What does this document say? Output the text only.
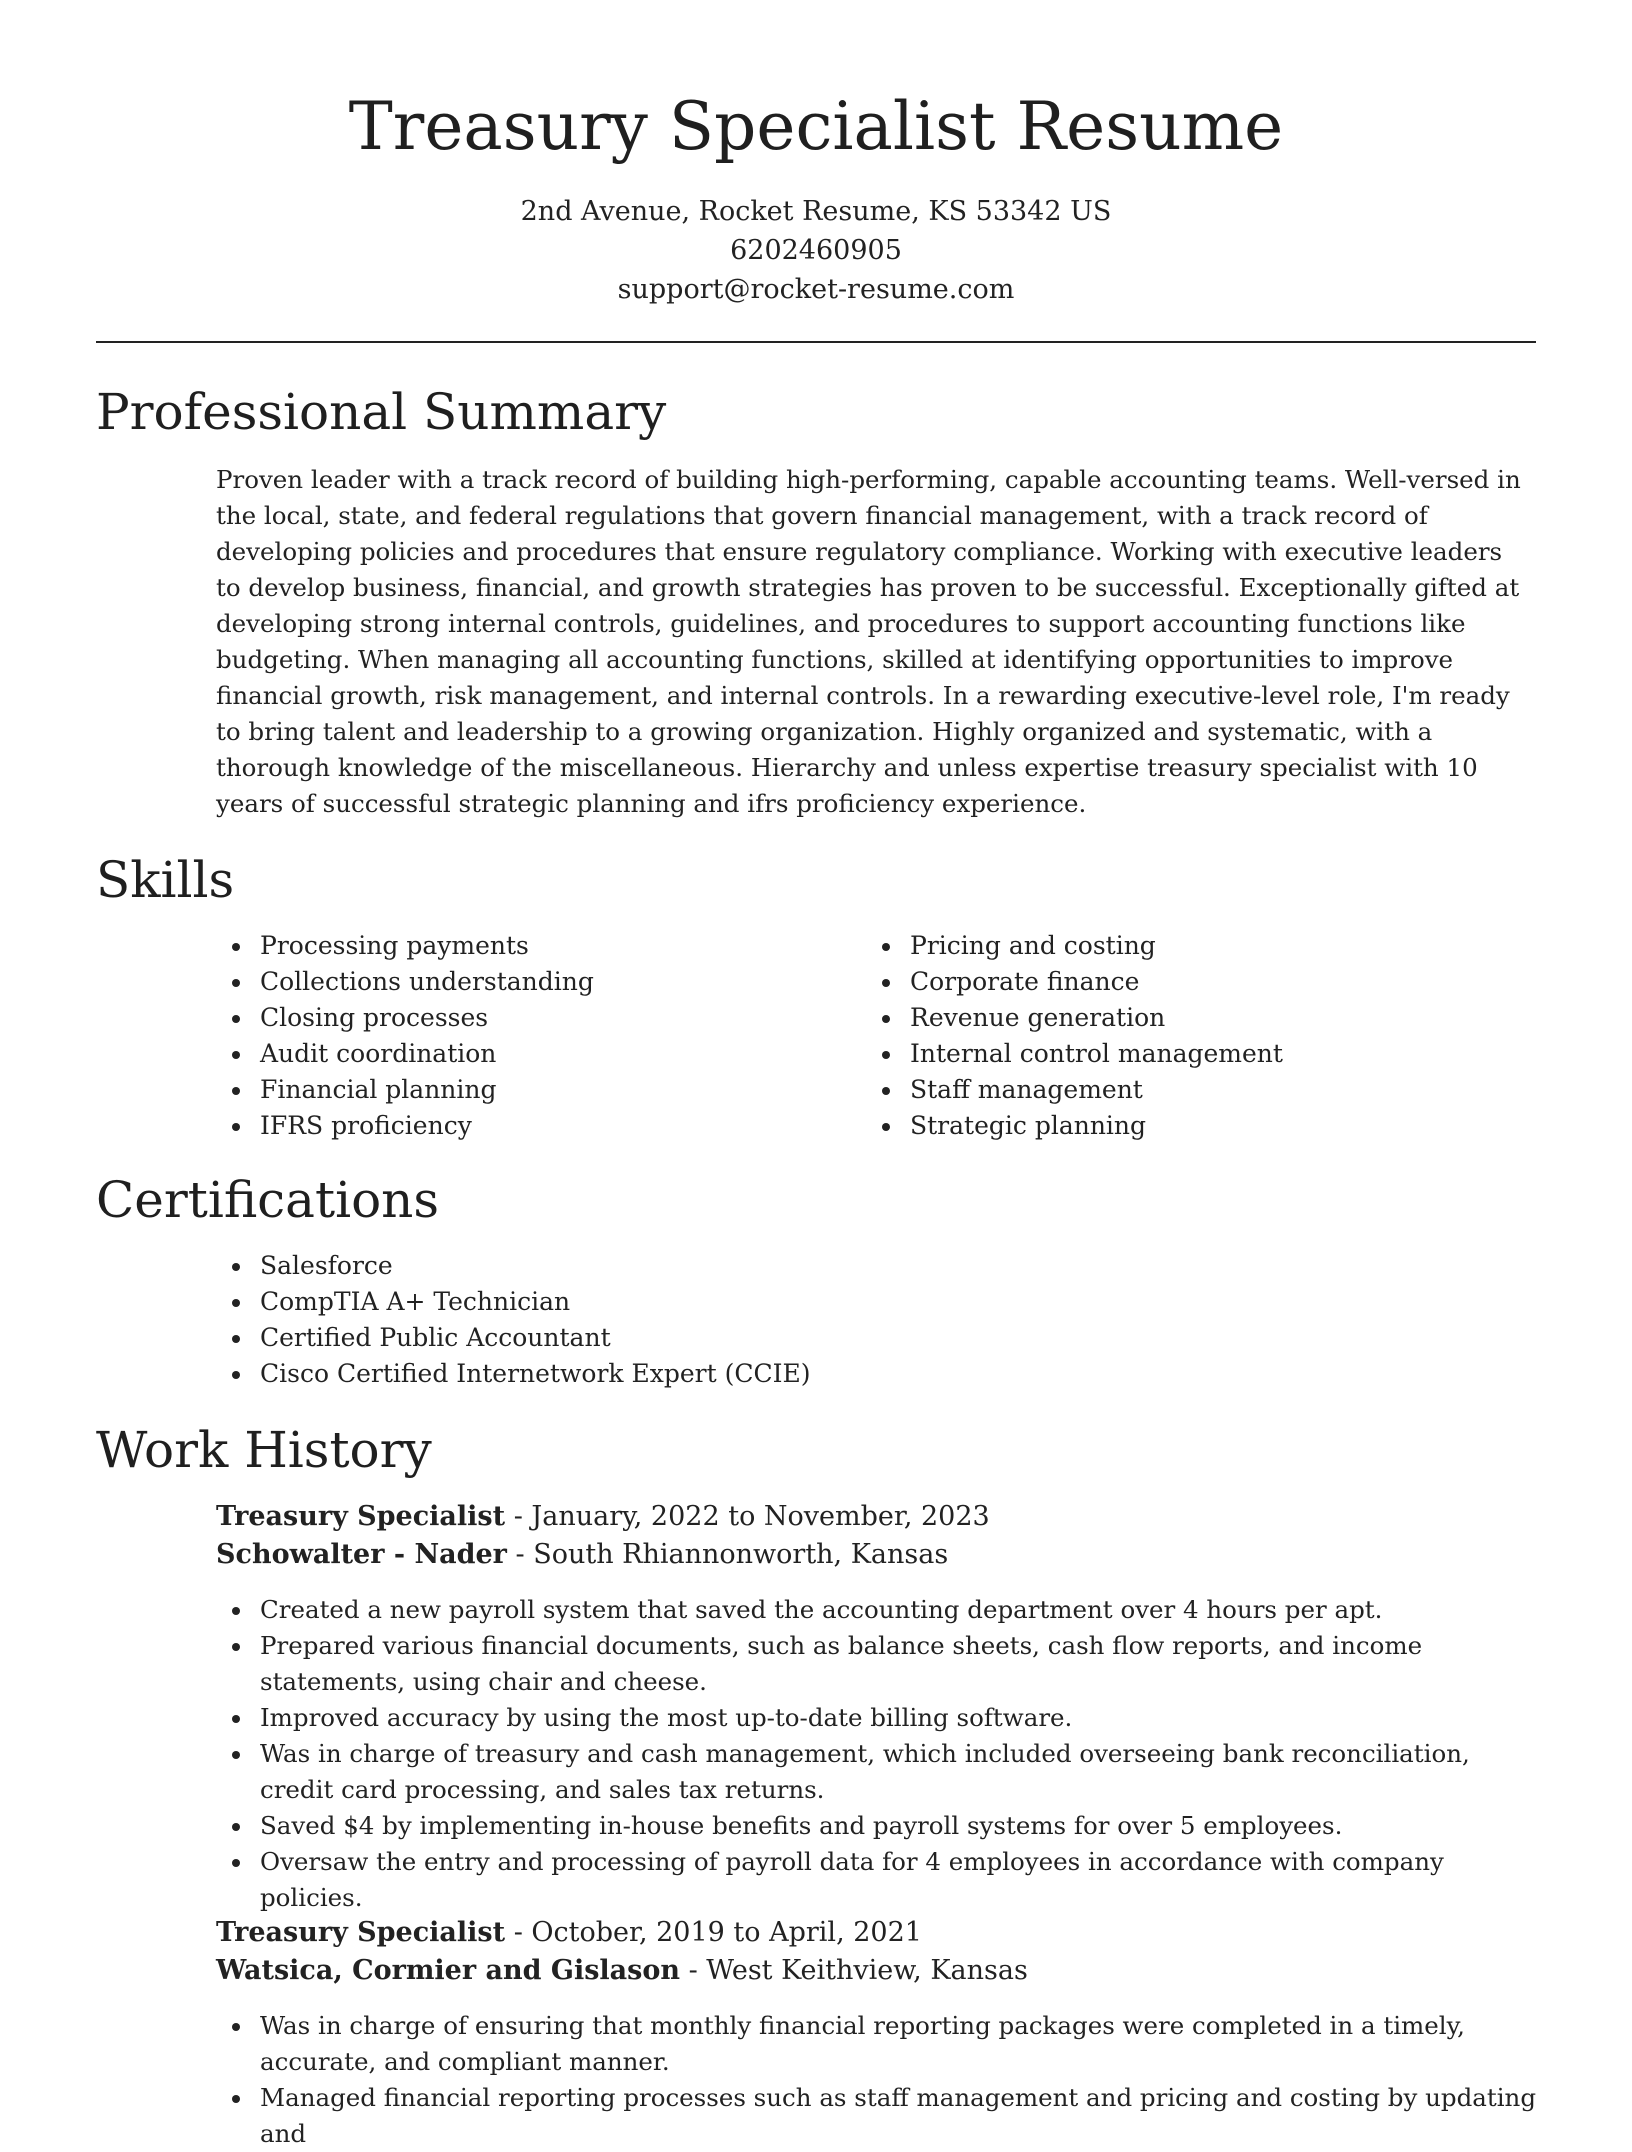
Treasury Specialist Resume
2nd Avenue, Rocket Resume, KS 53342 US
6202460905
support@rocket-resume.com
Professional Summary

Proven leader with a track record of building high-performing, capable accounting teams. Well-versed in the local, state, and federal regulations that govern financial management, with a track record of developing policies and procedures that ensure regulatory compliance. Working with executive leaders to develop business, financial, and growth strategies has proven to be successful. Exceptionally gifted at developing strong internal controls, guidelines, and procedures to support accounting functions like budgeting. When managing all accounting functions, skilled at identifying opportunities to improve financial growth, risk management, and internal controls. In a rewarding executive-level role, I'm ready to bring talent and leadership to a growing organization. Highly organized and systematic, with a thorough knowledge of the miscellaneous. Hierarchy and unless expertise treasury specialist with 10 years of successful strategic planning and ifrs proficiency experience.

Skills
Processing payments
Collections understanding
Closing processes
Audit coordination
Financial planning
IFRS proficiency
Pricing and costing
Corporate finance
Revenue generation
Internal control management
Staff management
Strategic planning
Certifications
Salesforce
CompTIA A+ Technician
Certified Public Accountant
Cisco Certified Internetwork Expert (CCIE)
Work History
Treasury Specialist - January, 2022 to November, 2023
Schowalter - Nader - South Rhiannonworth, Kansas
Created a new payroll system that saved the accounting department over 4 hours per apt.
Prepared various financial documents, such as balance sheets, cash flow reports, and income statements, using chair and cheese.
Improved accuracy by using the most up-to-date billing software.
Was in charge of treasury and cash management, which included overseeing bank reconciliation, credit card processing, and sales tax returns.
Saved $4 by implementing in-house benefits and payroll systems for over 5 employees.
Oversaw the entry and processing of payroll data for 4 employees in accordance with company policies.
Treasury Specialist - October, 2019 to April, 2021
Watsica, Cormier and Gislason - West Keithview, Kansas
Was in charge of ensuring that monthly financial reporting packages were completed in a timely, accurate, and compliant manner.
Managed financial reporting processes such as staff management and pricing and costing by updating and
